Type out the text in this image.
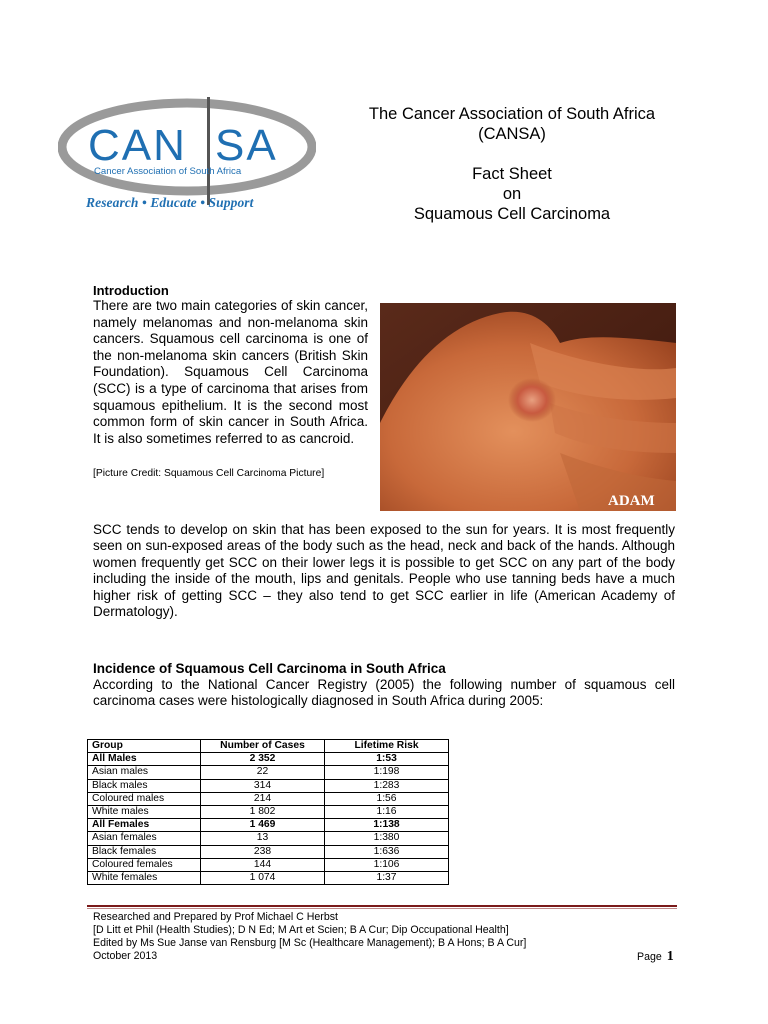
CAN SA
Cancer Association of South Africa
Research • Educate • Support
The Cancer Association of South Africa
(CANSA)
Fact Sheet
on
Squamous Cell Carcinoma
Introduction
There are two main categories of skin cancer, namely melanomas and non-melanoma skin cancers. Squamous cell carcinoma is one of the non-melanoma skin cancers (British Skin Foundation). Squamous Cell Carcinoma (SCC) is a type of carcinoma that arises from squamous epithelium. It is the second most common form of skin cancer in South Africa. It is also sometimes referred to as cancroid.
[Picture Credit: Squamous Cell Carcinoma Picture]
ADAM
SCC tends to develop on skin that has been exposed to the sun for years. It is most frequently seen on sun-exposed areas of the body such as the head, neck and back of the hands. Although women frequently get SCC on their lower legs it is possible to get SCC on any part of the body including the inside of the mouth, lips and genitals. People who use tanning beds have a much higher risk of getting SCC – they also tend to get SCC earlier in life (American Academy of Dermatology).
Incidence of Squamous Cell Carcinoma in South Africa
According to the National Cancer Registry (2005) the following number of squamous cell carcinoma cases were histologically diagnosed in South Africa during 2005:
Group	Number of Cases	Lifetime Risk
All Males	2 352	1:53
Asian males	22	1:198
Black males	314	1:283
Coloured males	214	1:56
White males	1 802	1:16
All Females	1 469	1:138
Asian females	13	1:380
Black females	238	1:636
Coloured females	144	1:106
White females	1 074	1:37
Researched and Prepared by Prof Michael C Herbst
[D Litt et Phil (Health Studies); D N Ed; M Art et Scien; B A Cur; Dip Occupational Health]
Edited by Ms Sue Janse van Rensburg [M Sc (Healthcare Management); B A Hons; B A Cur]
October 2013	Page 1
